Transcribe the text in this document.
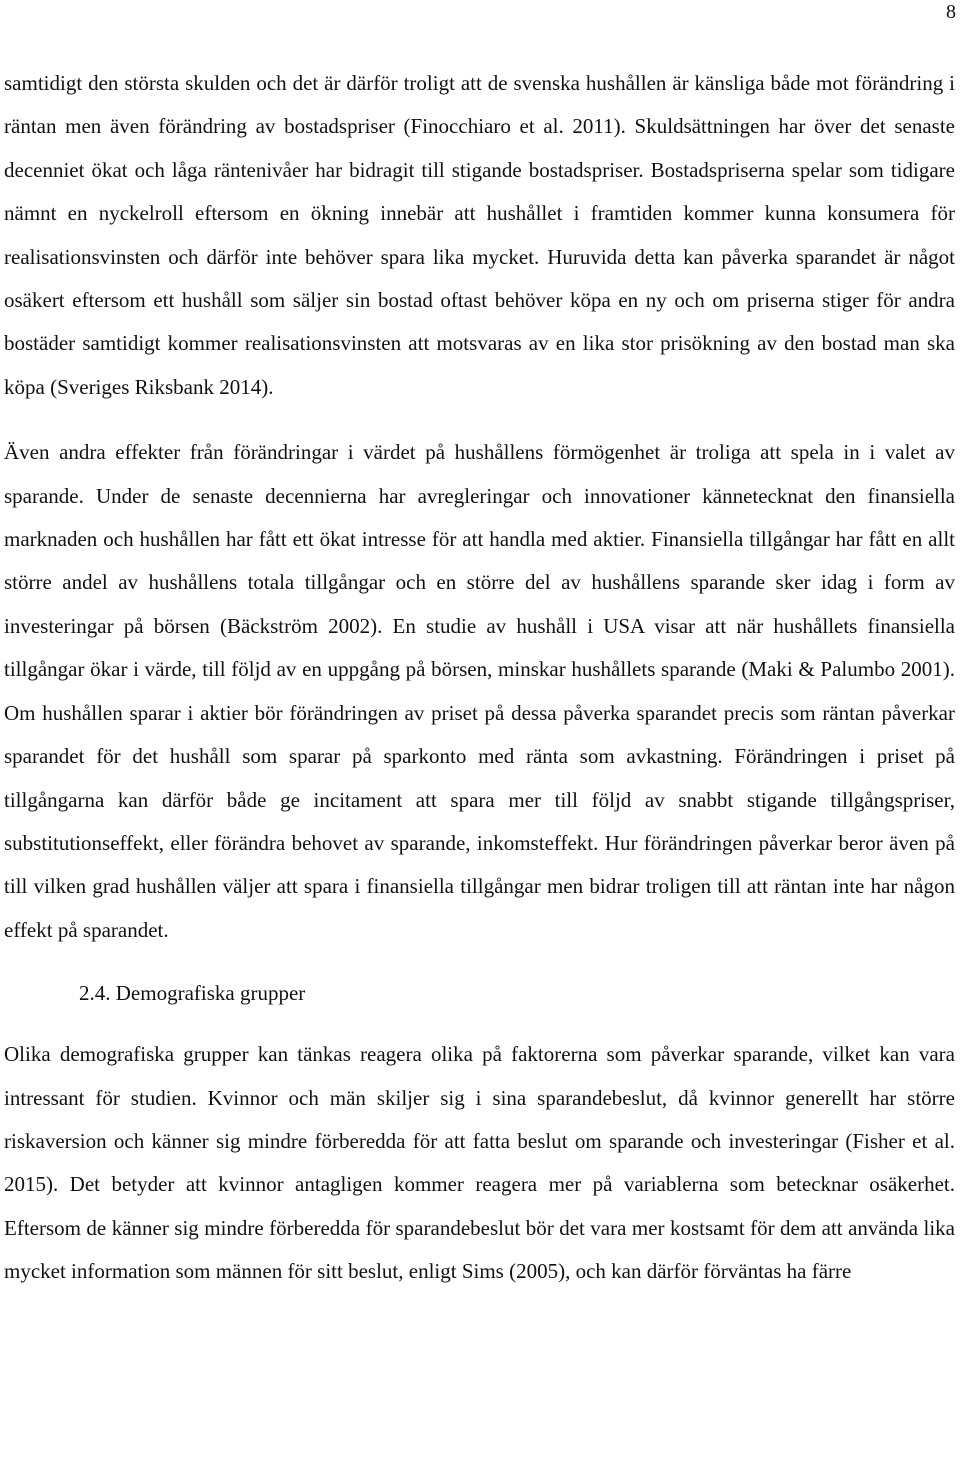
8

samtidigt den största skulden och det är därför troligt att de svenska hushållen är känsliga både mot förändring i räntan men även förändring av bostadspriser (Finocchiaro et al. 2011). Skuldsättningen har över det senaste decenniet ökat och låga räntenivåer har bidragit till stigande bostadspriser. Bostadspriserna spelar som tidigare nämnt en nyckelroll eftersom en ökning innebär att hushållet i framtiden kommer kunna konsumera för realisationsvinsten och därför inte behöver spara lika mycket. Huruvida detta kan påverka sparandet är något osäkert eftersom ett hushåll som säljer sin bostad oftast behöver köpa en ny och om priserna stiger för andra bostäder samtidigt kommer realisationsvinsten att motsvaras av en lika stor prisökning av den bostad man ska köpa (Sveriges Riksbank 2014).

Även andra effekter från förändringar i värdet på hushållens förmögenhet är troliga att spela in i valet av sparande. Under de senaste decennierna har avregleringar och innovationer kännetecknat den finansiella marknaden och hushållen har fått ett ökat intresse för att handla med aktier. Finansiella tillgångar har fått en allt större andel av hushållens totala tillgångar och en större del av hushållens sparande sker idag i form av investeringar på börsen (Bäckström 2002). En studie av hushåll i USA visar att när hushållets finansiella tillgångar ökar i värde, till följd av en uppgång på börsen, minskar hushållets sparande (Maki & Palumbo 2001). Om hushållen sparar i aktier bör förändringen av priset på dessa påverka sparandet precis som räntan påverkar sparandet för det hushåll som sparar på sparkonto med ränta som avkastning. Förändringen i priset på tillgångarna kan därför både ge incitament att spara mer till följd av snabbt stigande tillgångspriser, substitutionseffekt, eller förändra behovet av sparande, inkomsteffekt. Hur förändringen påverkar beror även på till vilken grad hushållen väljer att spara i finansiella tillgångar men bidrar troligen till att räntan inte har någon effekt på sparandet.

2.4. Demografiska grupper

Olika demografiska grupper kan tänkas reagera olika på faktorerna som påverkar sparande, vilket kan vara intressant för studien. Kvinnor och män skiljer sig i sina sparandebeslut, då kvinnor generellt har större riskaversion och känner sig mindre förberedda för att fatta beslut om sparande och investeringar (Fisher et al. 2015). Det betyder att kvinnor antagligen kommer reagera mer på variablerna som betecknar osäkerhet. Eftersom de känner sig mindre förberedda för sparandebeslut bör det vara mer kostsamt för dem att använda lika mycket information som männen för sitt beslut, enligt Sims (2005), och kan därför förväntas ha färre
